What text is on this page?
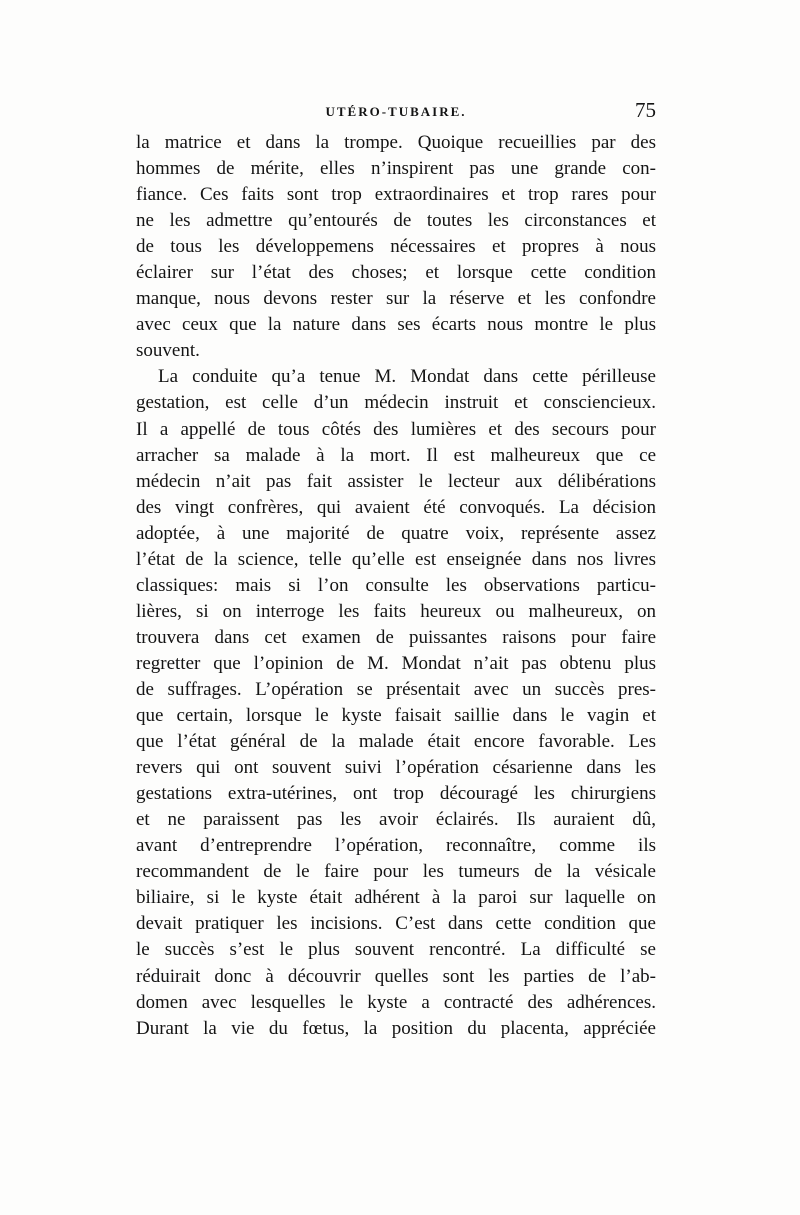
UTÉRO-TUBAIRE.	75
la matrice et dans la trompe. Quoique recueillies par des
hommes de mérite, elles n’inspirent pas une grande con-
fiance. Ces faits sont trop extraordinaires et trop rares pour
ne les admettre qu’entourés de toutes les circonstances et
de tous les développemens nécessaires et propres à nous
éclairer sur l’état des choses; et lorsque cette condition
manque, nous devons rester sur la réserve et les confondre
avec ceux que la nature dans ses écarts nous montre le plus
souvent.
La conduite qu’a tenue M. Mondat dans cette périlleuse
gestation, est celle d’un médecin instruit et consciencieux.
Il a appellé de tous côtés des lumières et des secours pour
arracher sa malade à la mort. Il est malheureux que ce
médecin n’ait pas fait assister le lecteur aux délibérations
des vingt confrères, qui avaient été convoqués. La décision
adoptée, à une majorité de quatre voix, représente assez
l’état de la science, telle qu’elle est enseignée dans nos livres
classiques: mais si l’on consulte les observations particu-
lières, si on interroge les faits heureux ou malheureux, on
trouvera dans cet examen de puissantes raisons pour faire
regretter que l’opinion de M. Mondat n’ait pas obtenu plus
de suffrages. L’opération se présentait avec un succès pres-
que certain, lorsque le kyste faisait saillie dans le vagin et
que l’état général de la malade était encore favorable. Les
revers qui ont souvent suivi l’opération césarienne dans les
gestations extra-utérines, ont trop découragé les chirurgiens
et ne paraissent pas les avoir éclairés. Ils auraient dû,
avant d’entreprendre l’opération, reconnaître, comme ils
recommandent de le faire pour les tumeurs de la vésicale
biliaire, si le kyste était adhérent à la paroi sur laquelle on
devait pratiquer les incisions. C’est dans cette condition que
le succès s’est le plus souvent rencontré. La difficulté se
réduirait donc à découvrir quelles sont les parties de l’ab-
domen avec lesquelles le kyste a contracté des adhérences.
Durant la vie du fœtus, la position du placenta, appréciée
